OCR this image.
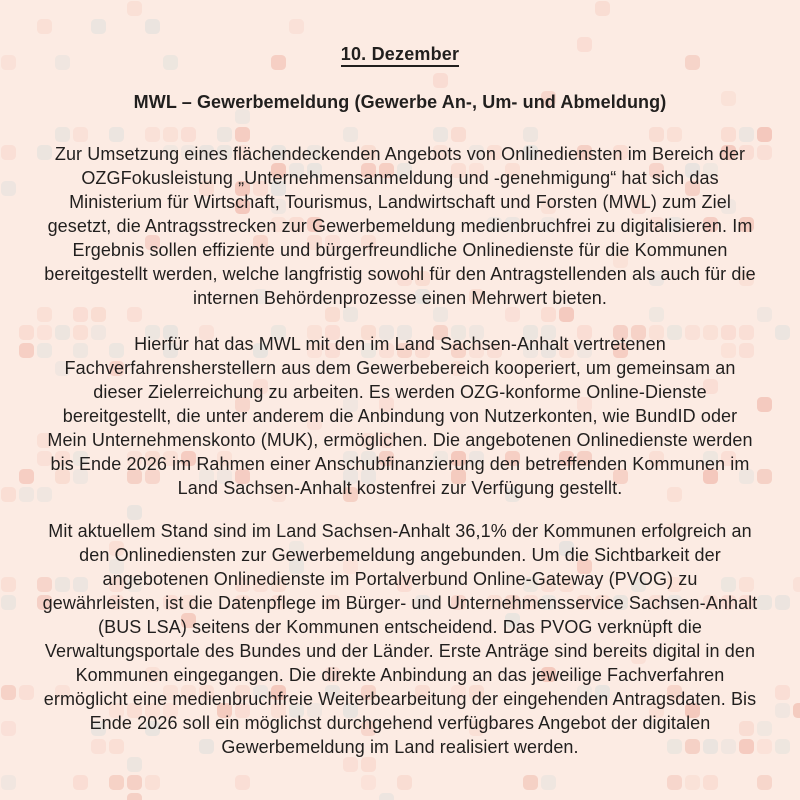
10. Dezember
MWL – Gewerbemeldung (Gewerbe An-, Um- und Abmeldung)

Zur Umsetzung eines flächendeckenden Angebots von Onlinediensten im Bereich der OZGFokusleistung „Unternehmensanmeldung und -genehmigung“ hat sich das Ministerium für Wirtschaft, Tourismus, Landwirtschaft und Forsten (MWL) zum Ziel gesetzt, die Antragsstrecken zur Gewerbemeldung medienbruchfrei zu digitalisieren. Im Ergebnis sollen effiziente und bürgerfreundliche Onlinedienste für die Kommunen bereitgestellt werden, welche langfristig sowohl für den Antragstellenden als auch für die internen Behördenprozesse einen Mehrwert bieten.

Hierfür hat das MWL mit den im Land Sachsen-Anhalt vertretenen Fachverfahrensherstellern aus dem Gewerbebereich kooperiert, um gemeinsam an dieser Zielerreichung zu arbeiten. Es werden OZG-konforme Online-Dienste bereitgestellt, die unter anderem die Anbindung von Nutzerkonten, wie BundID oder Mein Unternehmenskonto (MUK), ermöglichen. Die angebotenen Onlinedienste werden bis Ende 2026 im Rahmen einer Anschubfinanzierung den betreffenden Kommunen im Land Sachsen-Anhalt kostenfrei zur Verfügung gestellt.

Mit aktuellem Stand sind im Land Sachsen-Anhalt 36,1% der Kommunen erfolgreich an den Onlinediensten zur Gewerbemeldung angebunden. Um die Sichtbarkeit der angebotenen Onlinedienste im Portalverbund Online-Gateway (PVOG) zu gewährleisten, ist die Datenpflege im Bürger- und Unternehmensservice Sachsen-Anhalt (BUS LSA) seitens der Kommunen entscheidend. Das PVOG verknüpft die Verwaltungsportale des Bundes und der Länder. Erste Anträge sind bereits digital in den Kommunen eingegangen. Die direkte Anbindung an das jeweilige Fachverfahren ermöglicht eine medienbruchfreie Weiterbearbeitung der eingehenden Antragsdaten. Bis Ende 2026 soll ein möglichst durchgehend verfügbares Angebot der digitalen Gewerbemeldung im Land realisiert werden.
